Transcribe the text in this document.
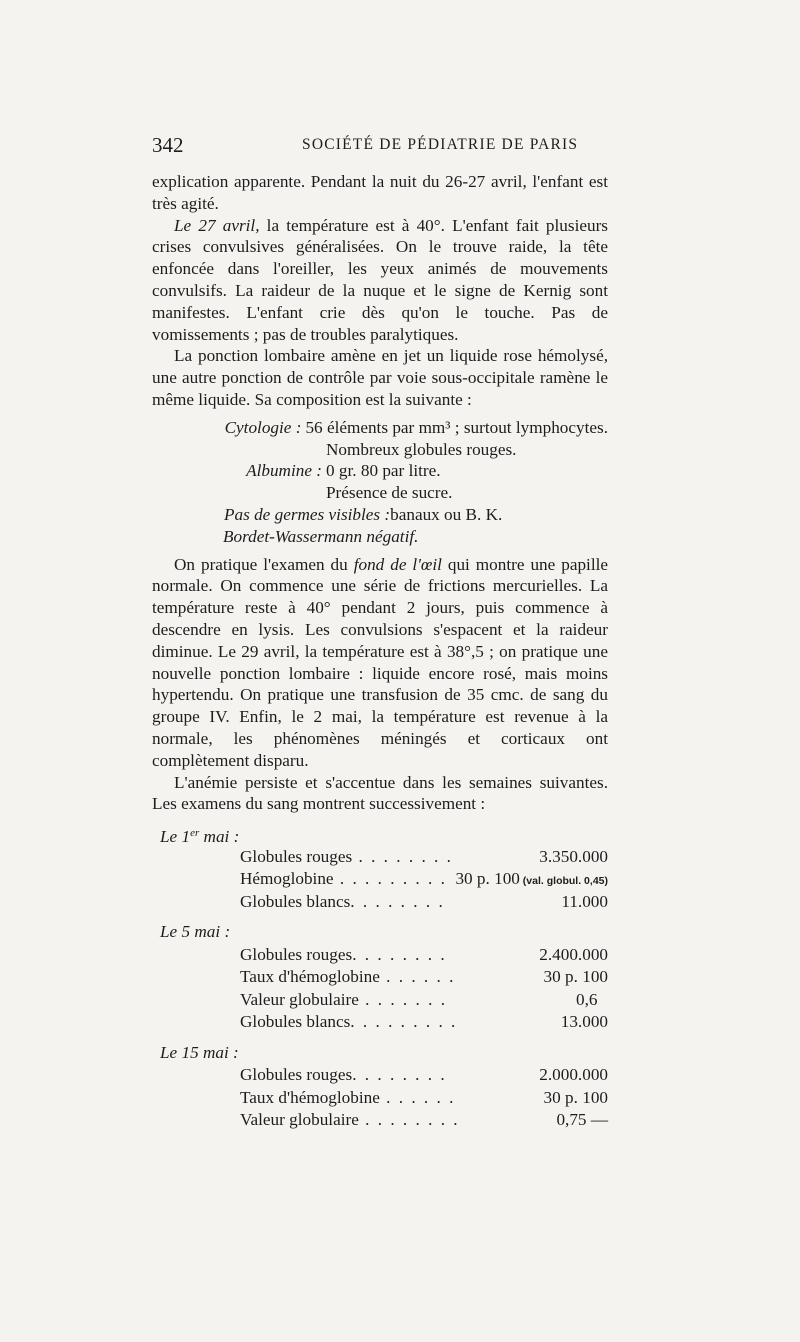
342	SOCIÉTÉ DE PÉDIATRIE DE PARIS

explication apparente. Pendant la nuit du 26-27 avril, l'enfant est très agité.

Le 27 avril, la température est à 40°. L'enfant fait plusieurs crises convulsives généralisées. On le trouve raide, la tête enfoncée dans l'oreiller, les yeux animés de mouvements convulsifs. La raideur de la nuque et le signe de Kernig sont manifestes. L'enfant crie dès qu'on le touche. Pas de vomissements ; pas de troubles paralytiques.

La ponction lombaire amène en jet un liquide rose hémolysé, une autre ponction de contrôle par voie sous-occipitale ramène le même liquide. Sa composition est la suivante :

Cytologie : 56 éléments par mm³ ; surtout lymphocytes.
Nombreux globules rouges.
Albumine : 0 gr. 80 par litre.
Présence de sucre.
Pas de germes visibles : banaux ou B. K.
Bordet-Wassermann
négatif.

On pratique l'examen du fond de l'œil qui montre une papille normale. On commence une série de frictions mercurielles. La température reste à 40° pendant 2 jours, puis commence à descendre en lysis. Les convulsions s'espacent et la raideur diminue. Le 29 avril, la température est à 38°,5 ; on pratique une nouvelle ponction lombaire : liquide encore rosé, mais moins hypertendu. On pratique une transfusion de 35 cmc. de sang du groupe IV. Enfin, le 2 mai, la température est revenue à la normale, les phénomènes méningés et corticaux ont complètement disparu.

L'anémie persiste et s'accentue dans les semaines suivantes. Les examens du sang montrent successivement :

Le 1er mai :
Globules rouges . . . . . . . .	3.350.000
Hémoglobine . . . . . . . . . 30 p. 100 (val. globul. 0,45)
Globules blancs. . . . . . . .	11.000
Le 5 mai :
Globules rouges. . . . . . . .	2.400.000
Taux d'hémoglobine . . . . . .	30 p. 100
Valeur globulaire . . . . . . .	0,6
Globules blancs. . . . . . . . .	13.000
Le 15 mai :
Globules rouges. . . . . . . .	2.000.000
Taux d'hémoglobine . . . . . .	30 p. 100
Valeur globulaire . . . . . . . .	0,75 —
